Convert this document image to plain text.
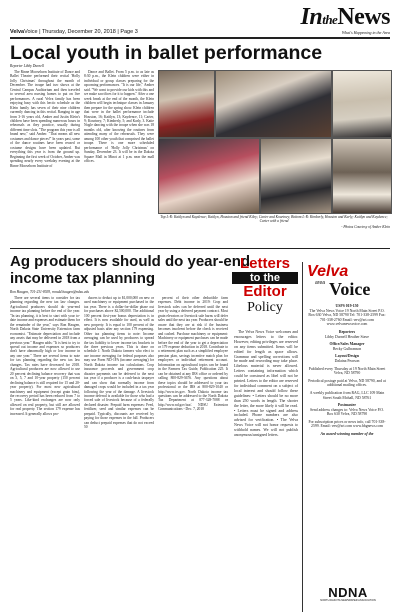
IntheNews
What's Happening in the Area
VelvaVoice | Thursday, December 20, 2018 | Page 3
Local youth in ballet performance
Reporter Libby Durnell

The Rinne Moosehorn Institute of Dance and Ballet Theatre performed their recital 'Holly Jolly Christmas' throughout the month of December. The troupe had two shows at the Central Campus Auditorium and then traveled to several area nursing homes to put on live performances. A rural Velva family has been enjoying busy with this hectic schedule as the Klein family has seven of their nine children currently dancing in this recital. Ranging in age from 3-16 years old, Amber and Justin Klein's children have been spending numerous hours in rehearsals as they practice, usually during different time slots. "The program this year is all brand new," said Amber. "That means all new costumes and dance pieces!" In years past, some of the dance routines have been reused or costume designs have been updated. But everything this year is from the ground up. Beginning the first week of October, Amber was spending nearly every weekday evening at the Rinne Moosehorn Institute of

Dance and Ballet. From 5 p.m. to as late as 8:30 p.m., the Klein children were either in individual or group classes preparing for the upcoming performances. "It is our life," Amber said. "We want to provide our kids with this and we make sacrifices for it to happen." After a one week break at the end of the month, the Klein children will begin technique classes in January then prepare for the spring show. Klein children that were in the ballet performance include Houston, 16; Kaitlyn, 13; Kaydence, 11; Carter, 9; Kourtney, 7; Kimberly, 5; and Karly, 3. Katie Nogle dancing with the troupe when she was 18 months old, after knowing the routines from attending many of the rehearsals. They were among 100 other youth that comprised the ballet troupe. There is one more scheduled performance of 'Holly Jolly Christmas' on Sunday, December 23. It will be in the Dakota Square Mall in Minot at 1 p.m. near the mall offices.

Top L-R: Kaitlyn and Kaydence; Kaitlyn, Houston and friend Kiley; Carter and Kourtney; Bottom L-R: Kimberly, Houston and Karly; Kaitlyn and Kaydence; Carter with a friend
- Photos Courtesy of Amber Klein
Ag producers should do year-end
income tax planning
Ron Haugen, 701-231-8593, ronald.haugen@ndsu.edu

There are several items to consider for tax planning regarding the new tax law changes. Agricultural producers should do year-end income tax planning before the end of the year. "In tax planning, it is best to start with your to-date income and expenses and estimate them for the remainder of the year," says Ron Haugen, North Dakota State University Extension farm economist. "Estimate depreciation and include any assets that may be delivered in 2018 from a previous year." Haugen adds: "It is best to try to spread out income and expenses so producers don't have abnormally high or low income in any one year." There are several items to note for tax planning regarding the new tax law changes. Tax rates have decreased for 2018. Agricultural producers are now allowed to use 20 percent declining balance recovery that was on 3, 5, 7 and 10-year property (150 percent declining balance is still required for 15 and 20-year property). For most new agricultural machinery and equipment (except grain bins), the recovery period has been reduced from 7 to 5 years. Like-kind exchanges are now only allowed on real property, but still are allowed for real property. The section 179 expense has increased. It generally allows pro-

ducers to deduct up to $1,000,000 on new or used machinery or equipment purchased in the tax year. There is a dollar-for-dollar phase out for purchases above $2,500,000. The additional 100 percent first-year bonus depreciation is in effect. It is now available for used, as well as new property. It is equal to 100 percent of the adjusted basis after any section 179 expensing. Other tax planning items to note: Income averaging can be used by producers to spread the tax liability to lower income tax brackets in the three previous years. This is done on schedule J. North Dakota farmers who elect to use income averaging for federal purposes also may use Form ND-1FA (income averaging) for North Dakota income tax calculations. Crop insurance proceeds and government crop disaster payments can be deferred to the next tax year if a producer is a cash-basis taxpayer and can show that normally income from damaged crops would be included in a tax year following the year of the damage. A livestock income deferral is available for those who had a forced sale of livestock because of a federally declared disaster. Prepaid farm expenses: Feed, fertilizer, seed and similar expenses can be prepaid. Typically, discounts are received by paying for those expenses in the fall. Producers can deduct prepaid expenses that do not exceed 50

percent of their other deductible farm expenses. Debt income in 2019: Crop and livestock sales can be deferred until the next year by using a deferred payment contract. Most grain elevators or livestock sale barns will defer sales until the next tax year. Producers should be aware that they are at risk if the business becomes insolvent before the check is received and cashed. Purchase machinery or equipment: Machinery or equipment purchases can be made before the end of the year to get a depreciation or 179 expense deduction in 2018. Contribute to a retirement plan such as a simplified employee pension plan, savings incentive match plan for employees or individual retirement account. Information on agricultural topics can be found in the Farmers Tax Guide, Publication 225. It can be obtained at any IRS office or ordered by calling 800-829-3676. Any questions about these topics should be addressed to your tax professional or the IRS at 800-829-1040 or http://www.irs.gov. North Dakota income tax questions can be addressed to the North Dakota Tax Department at 877-328-7088 or http://www.nd.gov/tax/. NDSU Extension Communications - Dec. 7, 2018

Letters
to the
Editor
Policy

The Velva News Voice welcomes and encourages letters to the editor. However, editing privileges are reserved on any items submitted. Items will be edited for length as space allows. Grammar and spelling corrections will be made and rewording may take place. Libelous material is never allowed. Letters containing information which could be construed as libel will not be printed. Letters to the editor are reserved for individual comment on a subject of local interest and should follow these guidelines: • Letters should be no more than 250 words in length. The shorter the letter, the more likely it will be read. • Letters must be signed and address included. Phone numbers are also advised for verification. • The Velva News Voice will not honor requests to withhold names. We will not publish anonymous/unsigned letters.

Velva
area Voice

USPS 019-150

The Velva News Voice 19 North Main Street P.O. Box 630 Velva, ND 58790 Tel: 701-338-2599 Fax: 701-338-2760 Email: vnv@srt.com www.velvanewsvoice.com

Reporters

Libby Durnell Heather Stave

Office/Sales Manager

Becky Gulbranson

Layout/Design

Dalaina Pearson

Published every Thursday at 19 North Main Street Velva, ND 58790

Periodical postage paid at Velva, ND 58790, and at additional mailing offices.

A weekly publication from RAG, LLC 109 Main Street South Mohall, ND 58761

Postmaster

Send address changes to: Velva News Voice P.O. Box 630 Velva, ND 58790

For subscription prices or news info, call 701-338-2599. Email: vnv@srt.com www.bbgnews.com

An award-winning member of the

NDNA
NORTH DAKOTA NEWSPAPER ASSOCIATION
